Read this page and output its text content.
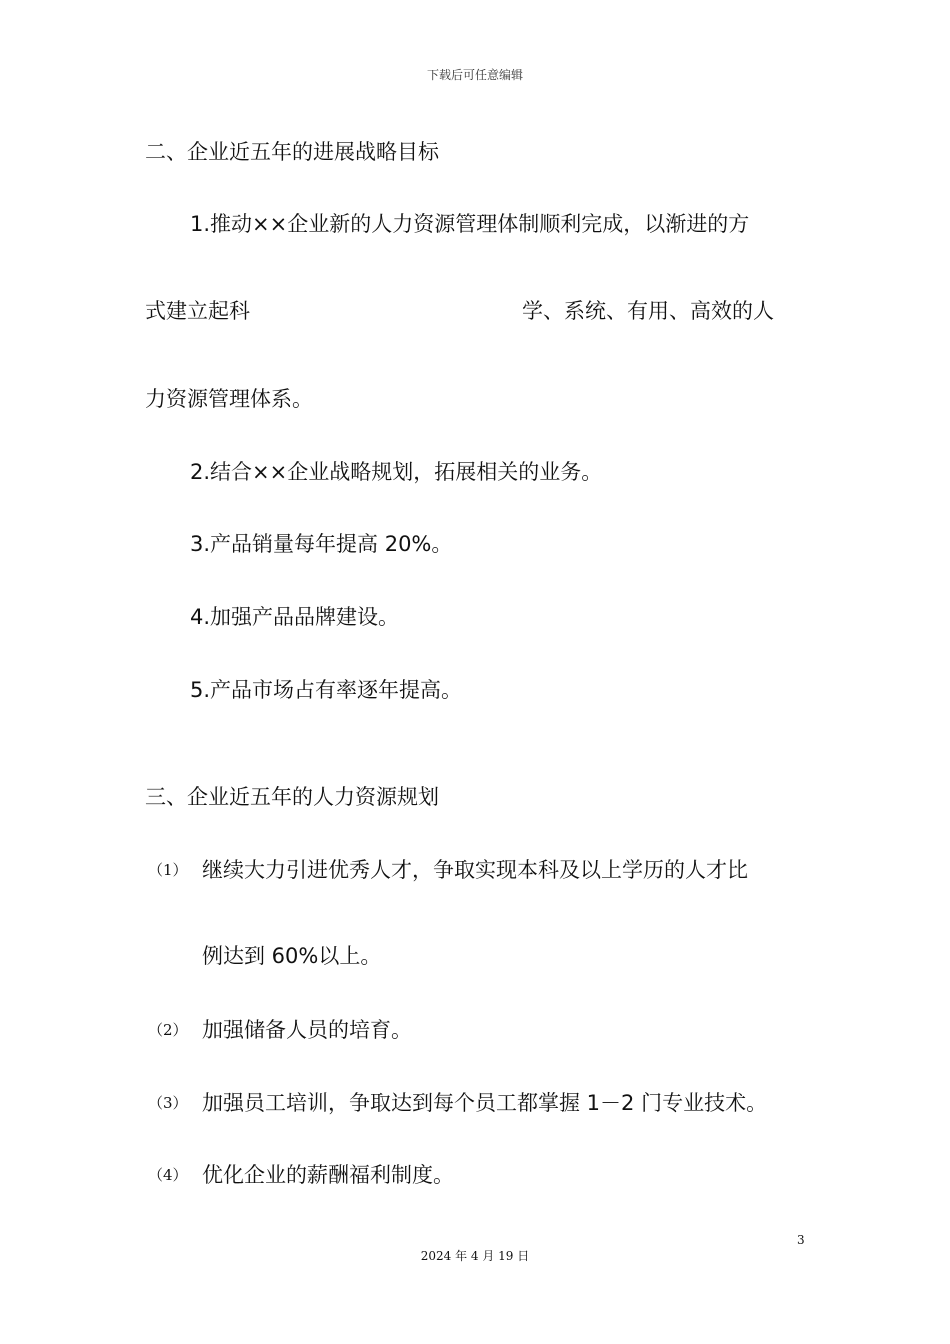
下载后可任意编辑
二、企业近五年的进展战略目标
1.推动××企业新的人力资源管理体制顺利完成，以渐进的方
式建立起科	学、系统、有用、高效的人
力资源管理体系。
2.结合××企业战略规划，拓展相关的业务。
3.产品销量每年提高 20%。
4.加强产品品牌建设。
5.产品市场占有率逐年提高。
三、企业近五年的人力资源规划
（1） 继续大力引进优秀人才，争取实现本科及以上学历的人才比
例达到 60%以上。
（2） 加强储备人员的培育。
（3） 加强员工培训，争取达到每个员工都掌握 1－2 门专业技术。
（4） 优化企业的薪酬福利制度。
3
2024 年 4 月 19 日
